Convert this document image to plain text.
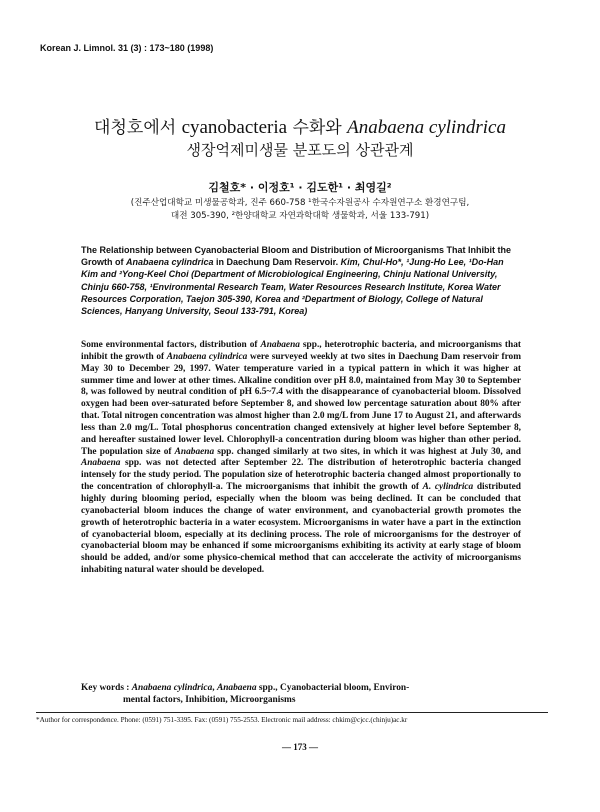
Korean J. Limnol. 31 (3) : 173~180 (1998)
대청호에서 cyanobacteria 수화와 Anabaena cylindrica
생장억제미생물 분포도의 상관관계
김철호* · 이정호¹ · 김도한¹ · 최영길²
(진주산업대학교 미생물공학과, 진주 660-758 ¹한국수자원공사 수자원연구소 환경연구팀,
대전 305-390, ²한양대학교 자연과학대학 생물학과, 서울 133-791)
The Relationship between Cyanobacterial Bloom and Distribution of Microorganisms That Inhibit the Growth of Anabaena cylindrica in Daechung Dam Reservoir. Kim, Chul-Ho*, ¹Jung-Ho Lee, ¹Do-Han Kim and ²Yong-Keel Choi (Department of Microbiological Engineering, Chinju National University, Chinju 660-758, ¹Environmental Research Team, Water Resources Research Institute, Korea Water Resources Corporation, Taejon 305-390, Korea and ²Department of Biology, College of Natural Sciences, Hanyang University, Seoul 133-791, Korea)
Some environmental factors, distribution of Anabaena spp., heterotrophic bacteria, and microorganisms that inhibit the growth of Anabaena cylindrica were surveyed weekly at two sites in Daechung Dam reservoir from May 30 to December 29, 1997. Water temperature varied in a typical pattern in which it was higher at summer time and lower at other times. Alkaline condition over pH 8.0, maintained from May 30 to September 8, was followed by neutral condition of pH 6.5~7.4 with the disappearance of cyanobacterial bloom. Dissolved oxygen had been over-saturated before September 8, and showed low percentage saturation about 80% after that. Total nitrogen concentration was almost higher than 2.0 mg/L from June 17 to August 21, and afterwards less than 2.0 mg/L. Total phosphorus concentration changed extensively at higher level before September 8, and hereafter sustained lower level. Chlorophyll-a concentration during bloom was higher than other period. The population size of Anabaena spp. changed similarly at two sites, in which it was highest at July 30, and Anabaena spp. was not detected after September 22. The distribution of heterotrophic bacteria changed intensely for the study period. The population size of heterotrophic bacteria changed almost proportionally to the concentration of chlorophyll-a. The microorganisms that inhibit the growth of A. cylindrica distributed highly during blooming period, especially when the bloom was being declined. It can be concluded that cyanobacterial bloom induces the change of water environment, and cyanobacterial growth promotes the growth of heterotrophic bacteria in a water ecosystem. Microorganisms in water have a part in the extinction of cyanobacterial bloom, especially at its declining process. The role of microorganisms for the destroyer of cyanobacterial bloom may be enhanced if some microorganisms exhibiting its activity at early stage of bloom should be added, and/or some physico-chemical method that can acccelerate the activity of microorganisms inhabiting natural water should be developed.
Key words : Anabaena cylindrica, Anabaena spp., Cyanobacterial bloom, Environ-
mental factors, Inhibition, Microorganisms
*Author for correspondence. Phone: (0591) 751-3395. Fax: (0591) 755-2553. Electronic mail address: chkim@cjcc.(chinju)ac.kr
— 173 —
